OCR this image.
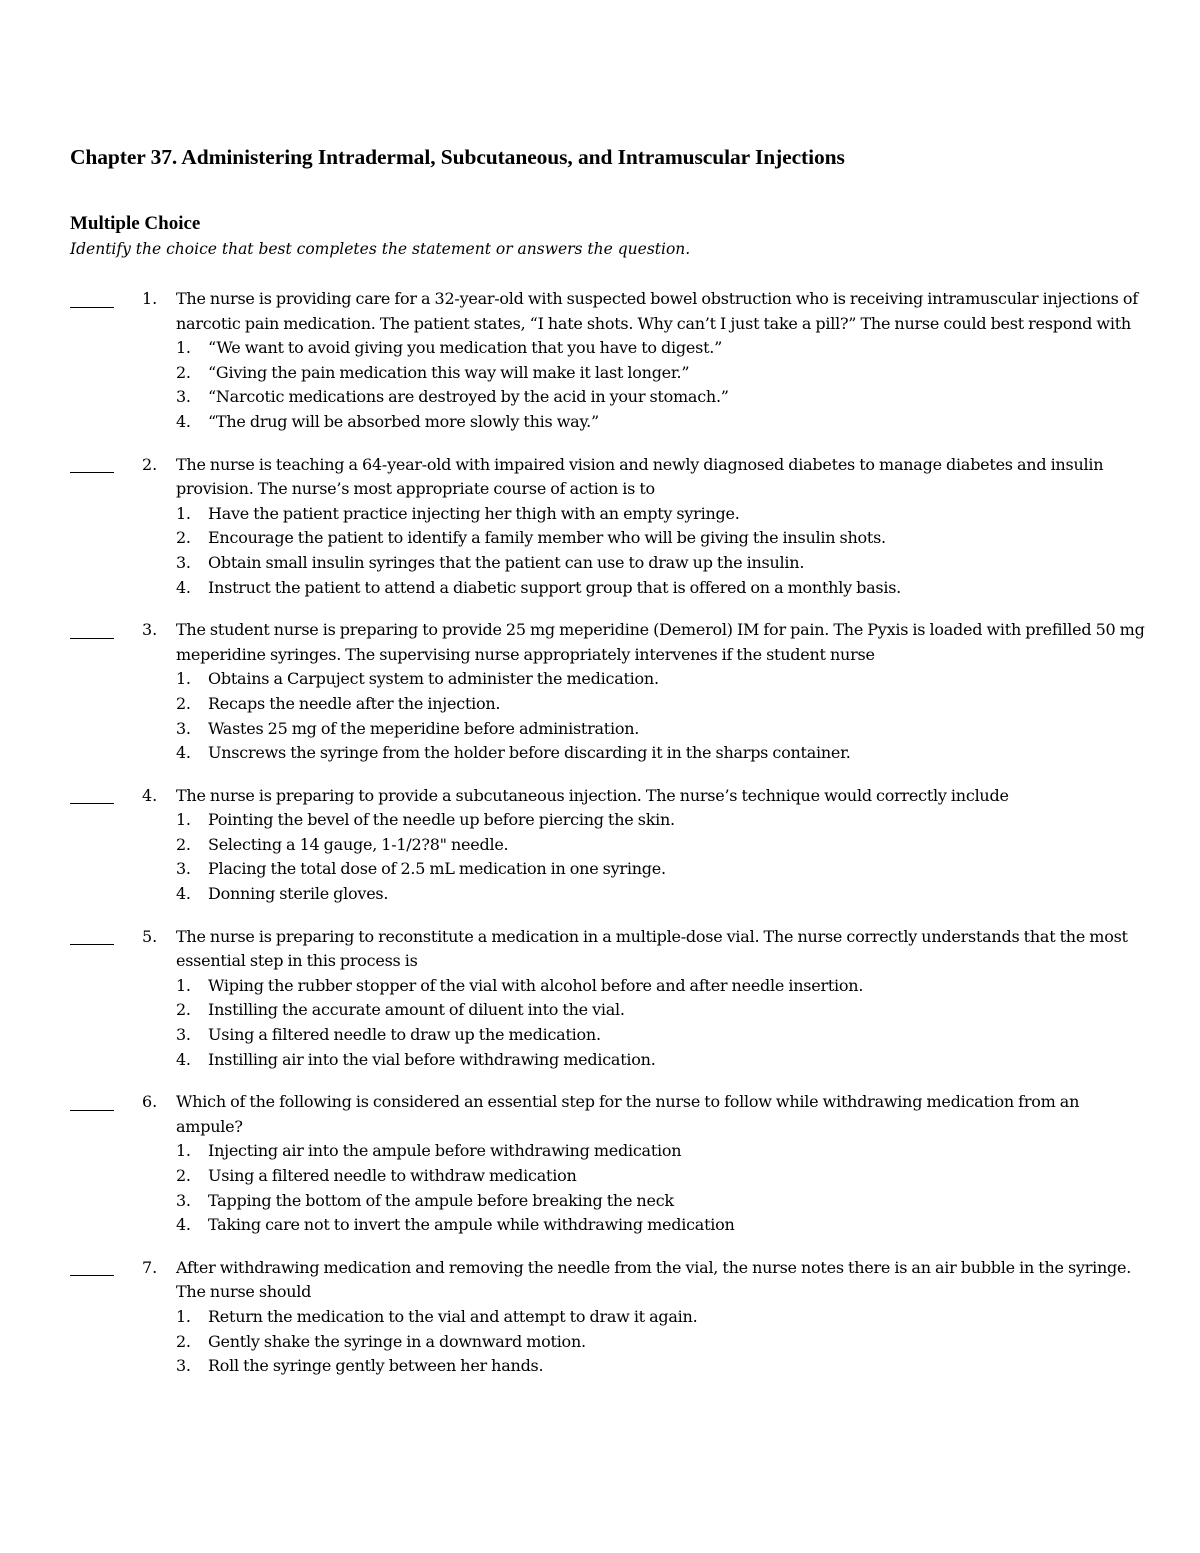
Chapter 37. Administering Intradermal, Subcutaneous, and Intramuscular Injections
Multiple Choice
Identify the choice that best completes the statement or answers the question.
1.	The nurse is providing care for a 32-year-old with suspected bowel obstruction who is receiving intramuscular injections of narcotic pain medication. The patient states, “I hate shots. Why can’t I just take a pill?” The nurse could best respond with
1. “We want to avoid giving you medication that you have to digest.”
2. “Giving the pain medication this way will make it last longer.”
3. “Narcotic medications are destroyed by the acid in your stomach.”
4. “The drug will be absorbed more slowly this way.”
2.	The nurse is teaching a 64-year-old with impaired vision and newly diagnosed diabetes to manage diabetes and insulin provision. The nurse’s most appropriate course of action is to
1. Have the patient practice injecting her thigh with an empty syringe.
2. Encourage the patient to identify a family member who will be giving the insulin shots.
3. Obtain small insulin syringes that the patient can use to draw up the insulin.
4. Instruct the patient to attend a diabetic support group that is offered on a monthly basis.
3.	The student nurse is preparing to provide 25 mg meperidine (Demerol) IM for pain. The Pyxis is loaded with prefilled 50 mg meperidine syringes. The supervising nurse appropriately intervenes if the student nurse
1. Obtains a Carpuject system to administer the medication.
2. Recaps the needle after the injection.
3. Wastes 25 mg of the meperidine before administration.
4. Unscrews the syringe from the holder before discarding it in the sharps container.
4.	The nurse is preparing to provide a subcutaneous injection. The nurse’s technique would correctly include
1. Pointing the bevel of the needle up before piercing the skin.
2. Selecting a 14 gauge, 1-1/2?8" needle.
3. Placing the total dose of 2.5 mL medication in one syringe.
4. Donning sterile gloves.
5.	The nurse is preparing to reconstitute a medication in a multiple-dose vial. The nurse correctly understands that the most essential step in this process is
1. Wiping the rubber stopper of the vial with alcohol before and after needle insertion.
2. Instilling the accurate amount of diluent into the vial.
3. Using a filtered needle to draw up the medication.
4. Instilling air into the vial before withdrawing medication.
6.	Which of the following is considered an essential step for the nurse to follow while withdrawing medication from an ampule?
1. Injecting air into the ampule before withdrawing medication
2. Using a filtered needle to withdraw medication
3. Tapping the bottom of the ampule before breaking the neck
4. Taking care not to invert the ampule while withdrawing medication
7.	After withdrawing medication and removing the needle from the vial, the nurse notes there is an air bubble in the syringe. The nurse should
1. Return the medication to the vial and attempt to draw it again.
2. Gently shake the syringe in a downward motion.
3. Roll the syringe gently between her hands.
